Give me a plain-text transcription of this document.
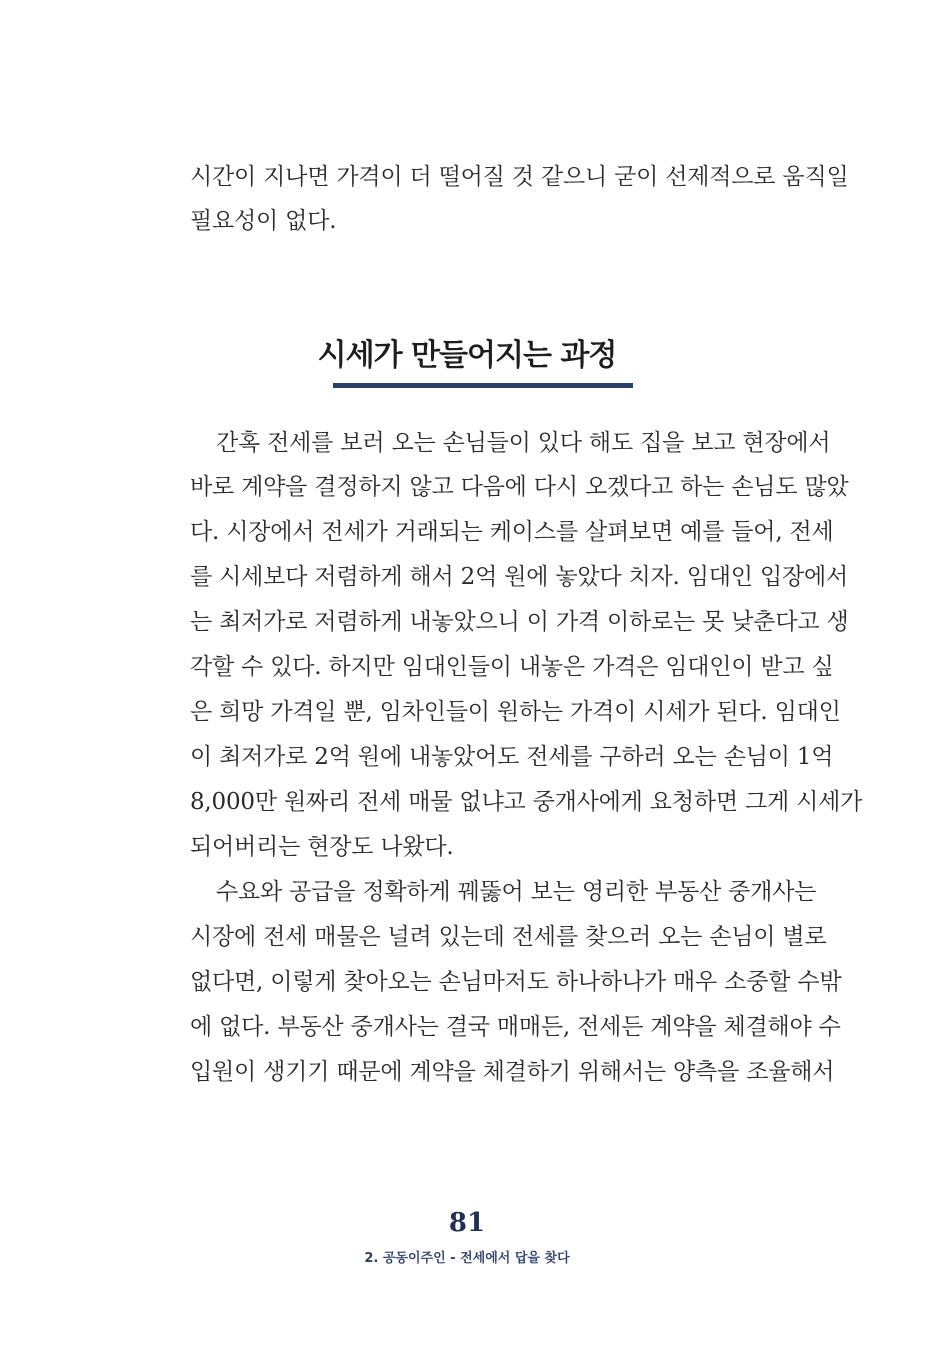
시간이 지나면 가격이 더 떨어질 것 같으니 굳이 선제적으로 움직일
필요성이 없다.
시세가 만들어지는 과정
간혹 전세를 보러 오는 손님들이 있다 해도 집을 보고 현장에서
바로 계약을 결정하지 않고 다음에 다시 오겠다고 하는 손님도 많았
다. 시장에서 전세가 거래되는 케이스를 살펴보면 예를 들어, 전세
를 시세보다 저렴하게 해서 2억 원에 놓았다 치자. 임대인 입장에서
는 최저가로 저렴하게 내놓았으니 이 가격 이하로는 못 낮춘다고 생
각할 수 있다. 하지만 임대인들이 내놓은 가격은 임대인이 받고 싶
은 희망 가격일 뿐, 임차인들이 원하는 가격이 시세가 된다. 임대인
이 최저가로 2억 원에 내놓았어도 전세를 구하러 오는 손님이 1억
8,000만 원짜리 전세 매물 없냐고 중개사에게 요청하면 그게 시세가
되어버리는 현장도 나왔다.
수요와 공급을 정확하게 꿰뚫어 보는 영리한 부동산 중개사는
시장에 전세 매물은 널려 있는데 전세를 찾으러 오는 손님이 별로
없다면, 이렇게 찾아오는 손님마저도 하나하나가 매우 소중할 수밖
에 없다. 부동산 중개사는 결국 매매든, 전세든 계약을 체결해야 수
입원이 생기기 때문에 계약을 체결하기 위해서는 양측을 조율해서
81
2. 공동이주인 - 전세에서 답을 찾다
